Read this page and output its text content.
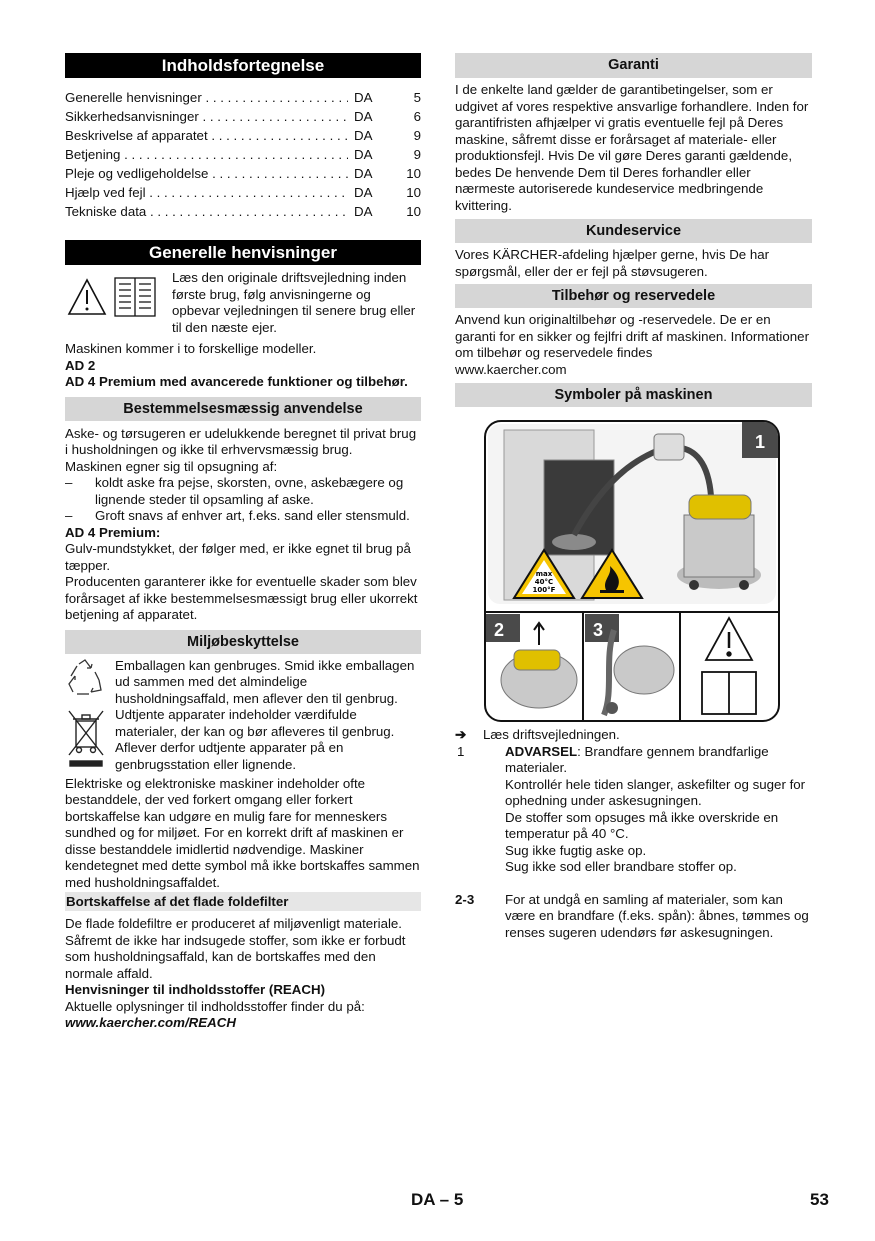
Indholdsfortegnelse
Generelle henvisninger . . .	DA	5
Sikkerhedsanvisninger . . .	DA	6
Beskrivelse af apparatet . . .	DA	9
Betjening . . .	DA	9
Pleje og vedligeholdelse . . .	DA	10
Hjælp ved fejl . . .	DA	10
Tekniske data . . .	DA	10
Generelle henvisninger

Læs den originale driftsvejledning inden første brug, følg anvisningerne og opbevar vejledningen til senere brug eller til den næste ejer.

Maskinen kommer i to forskellige modeller.

AD 2

AD 4 Premium med avancerede funktioner og tilbehør.

Bestemmelsesmæssig anvendelse

Aske- og tørsugeren er udelukkende beregnet til privat brug i husholdningen og ikke til erhvervsmæssig brug.

Maskinen egner sig til opsugning af:

–	koldt aske fra pejse, skorsten, ovne, askebægere og lignende steder til opsamling af aske.
–	Groft snavs af enhver art, f.eks. sand eller stensmuld.

AD 4 Premium:

Gulv-mundstykket, der følger med, er ikke egnet til brug på tæpper.

Producenten garanterer ikke for eventuelle skader som blev forårsaget af ikke bestemmelsesmæssigt brug eller ukorrekt betjening af apparatet.

Miljøbeskyttelse

Emballagen kan genbruges. Smid ikke emballagen ud sammen med det almindelige husholdningsaffald, men aflever den til genbrug.

Udtjente apparater indeholder værdifulde materialer, der kan og bør afleveres til genbrug. Aflever derfor udtjente apparater på en genbrugsstation eller lignende.

Elektriske og elektroniske maskiner indeholder ofte bestanddele, der ved forkert omgang eller forkert bortskaffelse kan udgøre en mulig fare for menneskers sundhed og for miljøet. For en korrekt drift af maskinen er disse bestanddele imidlertid nødvendige. Maskiner kendetegnet med dette symbol må ikke bortskaffes sammen med husholdningsaffaldet.

Bortskaffelse af det flade foldefilter

De flade foldefiltre er produceret af miljøvenligt materiale.

Såfremt de ikke har indsugede stoffer, som ikke er forbudt som husholdningsaffald, kan de bortskaffes med den normale affald.

Henvisninger til indholdsstoffer (REACH)

Aktuelle oplysninger til indholdsstoffer finder du på:

www.kaercher.com/REACH

Garanti

I de enkelte land gælder de garantibetingelser, som er udgivet af vores respektive ansvarlige forhandlere. Inden for garantifristen afhjælper vi gratis eventuelle fejl på Deres maskine, såfremt disse er forårsaget af materiale- eller produktionsfejl. Hvis De vil gøre Deres garanti gældende, bedes De henvende Dem til Deres forhandler eller nærmeste autoriserede kundeservice medbringende kvittering.

Kundeservice

Vores KÄRCHER-afdeling hjælper gerne, hvis De har spørgsmål, eller der er fejl på støvsugeren.

Tilbehør og reservedele

Anvend kun originaltilbehør og -reservedele. De er en garanti for en sikker og fejlfri drift af maskinen. Informationer om tilbehør og reservedele findes

www.kaercher.com

Symboler på maskinen
max
40°C
100°F
1
2	3
➔	Læs driftsvejledningen.
1	ADVARSEL: Brandfare gennem brandfarlige materialer.

Kontrollér hele tiden slanger, askefilter og suger for ophedning under askesugningen.

De stoffer som opsuges må ikke overskride en temperatur på 40 °C.

Sug ikke fugtig aske op.

Sug ikke sod eller brandbare stoffer op.

2-3	For at undgå en samling af materialer, som kan være en brandfare (f.eks. spån): åbnes, tømmes og renses sugeren udendørs før askesugningen.

DA – 5	53
